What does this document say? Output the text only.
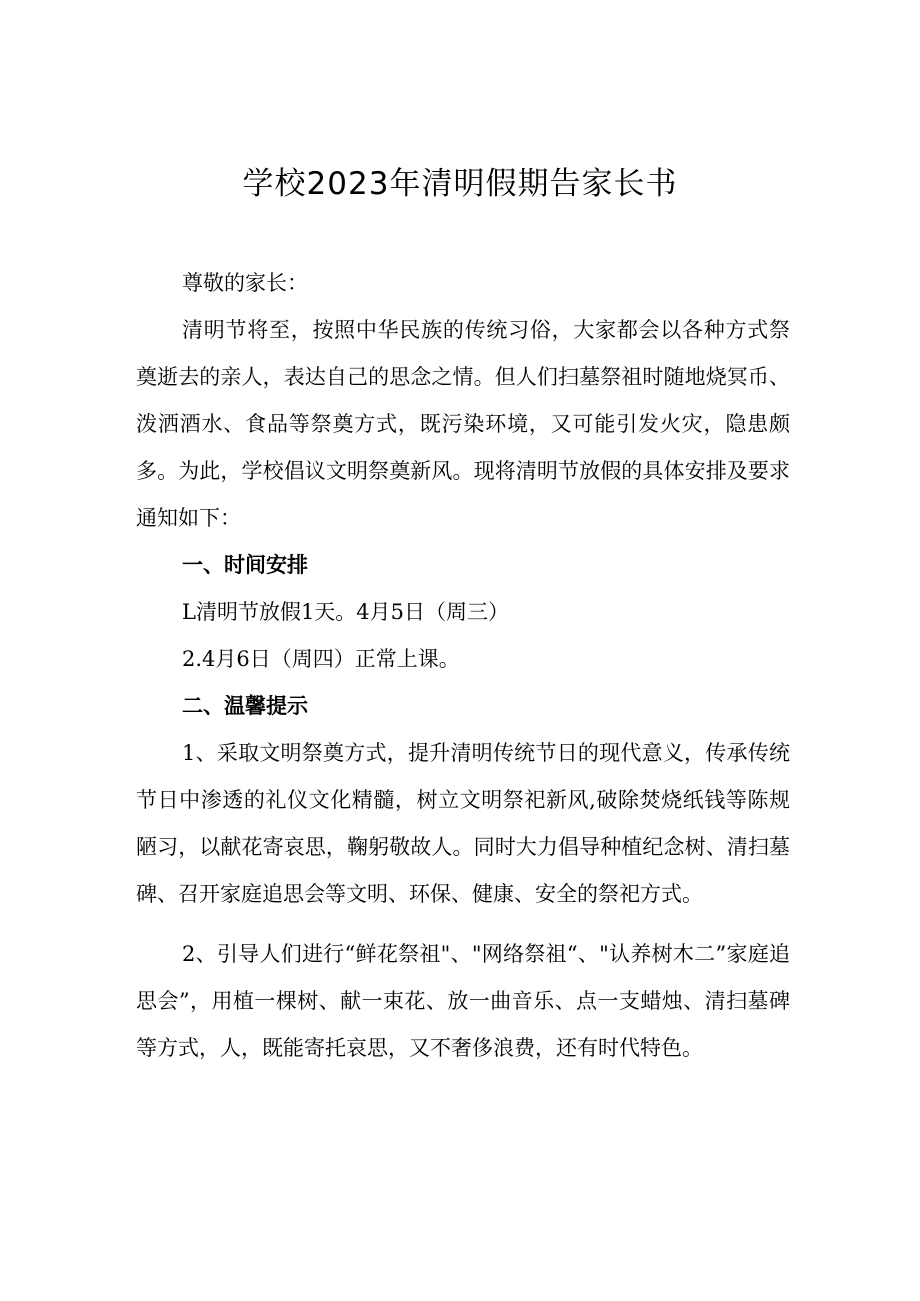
学校2023年清明假期告家长书

尊敬的家长：

清明节将至，按照中华民族的传统习俗，大家都会以各种方式祭奠逝去的亲人，表达自己的思念之情。但人们扫墓祭祖时随地烧冥币、泼洒酒水、食品等祭奠方式，既污染环境，又可能引发火灾，隐患颇多。为此，学校倡议文明祭奠新风。现将清明节放假的具体安排及要求通知如下：

一、时间安排

L清明节放假1天。4月5日（周三）

2.4月6日（周四）正常上课。

二、温馨提示

1、采取文明祭奠方式，提升清明传统节日的现代意义，传承传统节日中渗透的礼仪文化精髓，树立文明祭祀新风,破除焚烧纸钱等陈规陋习，以献花寄哀思，鞠躬敬故人。同时大力倡导种植纪念树、清扫墓碑、召开家庭追思会等文明、环保、健康、安全的祭祀方式。

2、引导人们进行“鲜花祭祖"、"网络祭祖“、"认养树木二”家庭追思会”，用植一棵树、献一束花、放一曲音乐、点一支蜡烛、清扫墓碑等方式，人，既能寄托哀思，又不奢侈浪费，还有时代特色。
